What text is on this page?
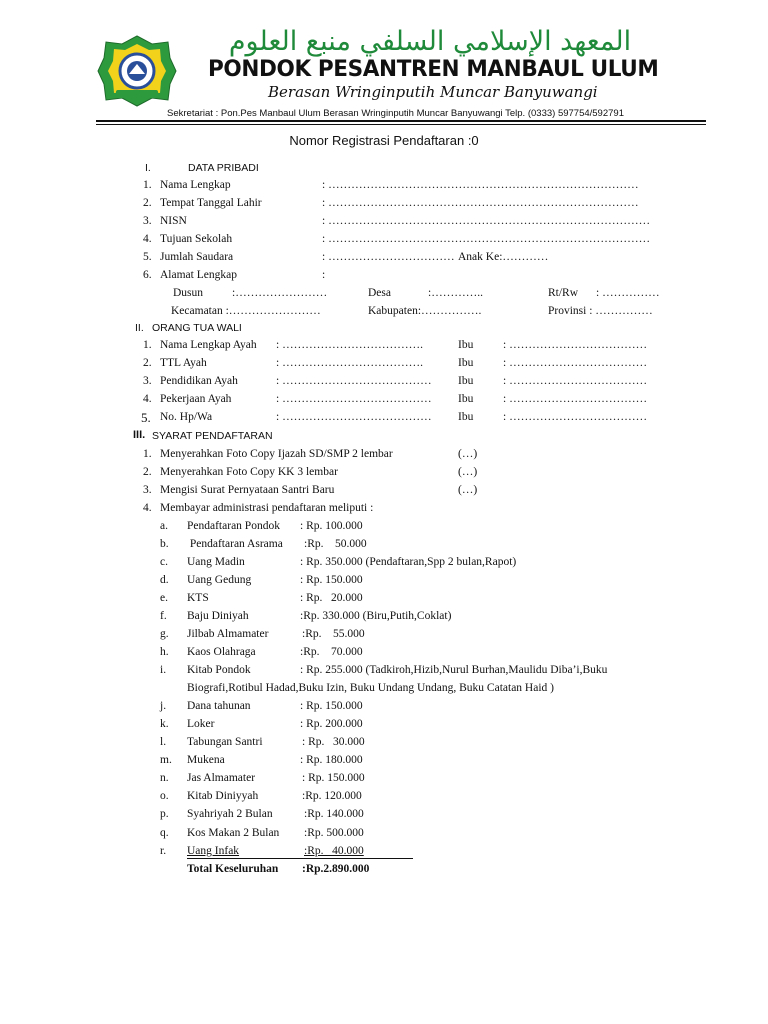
المعهد الإسلامي السلفي منبع العلوم
PONDOK PESANTREN MANBAUL ULUM
Berasan Wringinputih Muncar Banyuwangi
Sekretariat : Pon.Pes Manbaul Ulum Berasan Wringinputih Muncar Banyuwangi Telp. (0333) 597754/592791
Nomor Registrasi Pendaftaran :0
I.	DATA PRIBADI
1. Nama Lengkap	: ………………………………………………………………………
2. Tempat Tanggal Lahir	: ………………………………………………………………………
3. NISN	: …………………………………………………………………………
4. Tujuan Sekolah	: …………………………………………………………………………
5. Jumlah Saudara	: …………………………… Anak Ke:…………
6. Alamat Lengkap	:
Dusun	:……………………	Desa	:…………..	Rt/Rw : ……………
Kecamatan :……………………	Kabupaten:…………….	Provinsi : ……………
II. ORANG TUA WALI
1. Nama Lengkap Ayah : ……………………………….	Ibu	: ………………………………
2. TTL Ayah	: ……………………………….	Ibu	: ………………………………
3. Pendidikan Ayah	: ………………………………… Ibu	: ………………………………
4. Pekerjaan Ayah	: ………………………………… Ibu	: ………………………………
5. No. Hp/Wa	: ………………………………… Ibu	: ………………………………
III. SYARAT PENDAFTARAN
1. Menyerahkan Foto Copy Ijazah SD/SMP 2 lembar	(…)
2. Menyerahkan Foto Copy KK 3 lembar	(…)
3. Mengisi Surat Pernyataan Santri Baru	(…)
4. Membayar administrasi pendaftaran meliputi :
a. Pendaftaran Pondok : Rp. 100.000
b. Pendaftaran Asrama :Rp.    50.000
c. Uang Madin	: Rp. 350.000 (Pendaftaran,Spp 2 bulan,Rapot)
d. Uang Gedung	: Rp. 150.000
e. KTS	: Rp.   20.000
f. Baju Diniyah	:Rp. 330.000 (Biru,Putih,Coklat)
g. Jilbab Almamater	:Rp.    55.000
h. Kaos Olahraga	:Rp.    70.000
i. Kitab Pondok	: Rp. 255.000 (Tadkiroh,Hizib,Nurul Burhan,Maulidu Diba’i,Buku
Biografi,Rotibul Hadad,Buku Izin, Buku Undang Undang, Buku Catatan Haid )
j. Dana tahunan	: Rp. 150.000
k. Loker	: Rp. 200.000
l. Tabungan Santri	: Rp.   30.000
m. Mukena	: Rp. 180.000
n. Jas Almamater	: Rp. 150.000
o. Kitab Diniyyah	:Rp. 120.000
p. Syahriyah 2 Bulan	:Rp. 140.000
q. Kos Makan 2 Bulan :Rp. 500.000
r. Uang Infak	:Rp.   40.000
Total Keseluruhan :Rp.2.890.000
